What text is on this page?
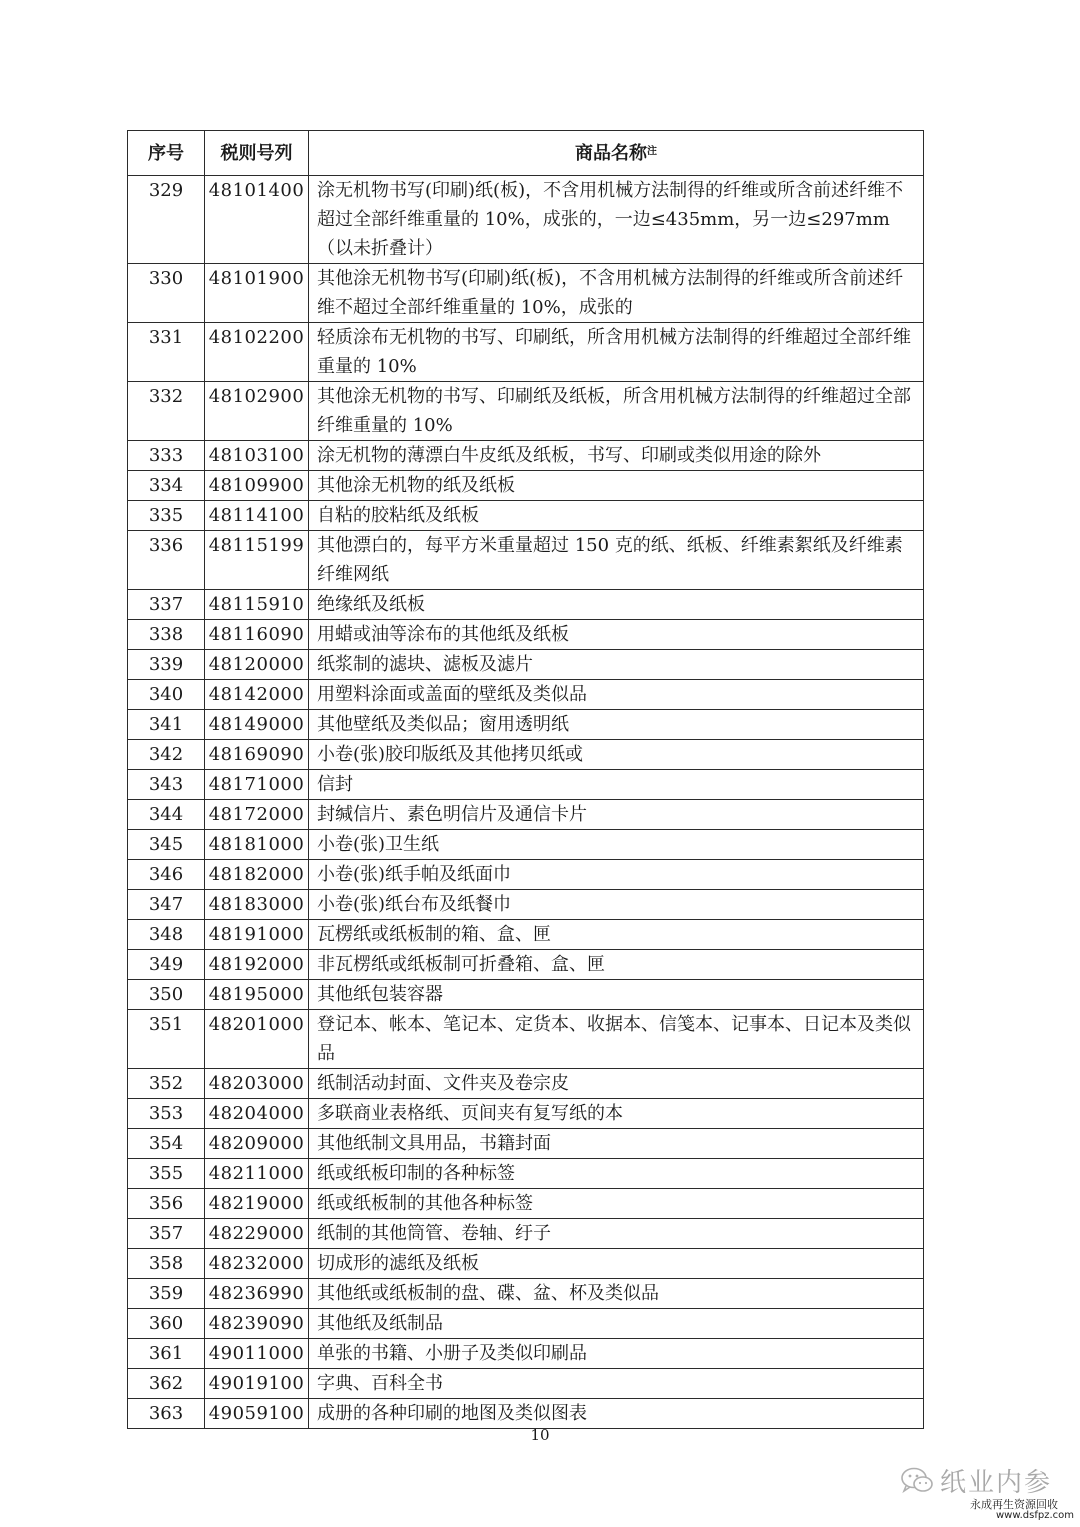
序号	税则号列	商品名称$^注$
329	48101400	涂无机物书写(印刷)纸(板)，不含用机械方法制得的纤维或所含前述纤维不超过全部纤维重量的 10%，成张的，一边≤435mm，另一边≤297mm（以未折叠计）
330	48101900	其他涂无机物书写(印刷)纸(板)，不含用机械方法制得的纤维或所含前述纤维不超过全部纤维重量的 10%，成张的
331	48102200	轻质涂布无机物的书写、印刷纸，所含用机械方法制得的纤维超过全部纤维重量的 10%
332	48102900	其他涂无机物的书写、印刷纸及纸板，所含用机械方法制得的纤维超过全部纤维重量的 10%
333	48103100	涂无机物的薄漂白牛皮纸及纸板，书写、印刷或类似用途的除外
334	48109900	其他涂无机物的纸及纸板
335	48114100	自粘的胶粘纸及纸板
336	48115199	其他漂白的，每平方米重量超过 150 克的纸、纸板、纤维素絮纸及纤维素纤维网纸
337	48115910	绝缘纸及纸板
338	48116090	用蜡或油等涂布的其他纸及纸板
339	48120000	纸浆制的滤块、滤板及滤片
340	48142000	用塑料涂面或盖面的壁纸及类似品
341	48149000	其他壁纸及类似品；窗用透明纸
342	48169090	小卷(张)胶印版纸及其他拷贝纸或
343	48171000	信封
344	48172000	封缄信片、素色明信片及通信卡片
345	48181000	小卷(张)卫生纸
346	48182000	小卷(张)纸手帕及纸面巾
347	48183000	小卷(张)纸台布及纸餐巾
348	48191000	瓦楞纸或纸板制的箱、盒、匣
349	48192000	非瓦楞纸或纸板制可折叠箱、盒、匣
350	48195000	其他纸包装容器
351	48201000	登记本、帐本、笔记本、定货本、收据本、信笺本、记事本、日记本及类似品
352	48203000	纸制活动封面、文件夹及卷宗皮
353	48204000	多联商业表格纸、页间夹有复写纸的本
354	48209000	其他纸制文具用品，书籍封面
355	48211000	纸或纸板印制的各种标签
356	48219000	纸或纸板制的其他各种标签
357	48229000	纸制的其他筒管、卷轴、纡子
358	48232000	切成形的滤纸及纸板
359	48236990	其他纸或纸板制的盘、碟、盆、杯及类似品
360	48239090	其他纸及纸制品
361	49011000	单张的书籍、小册子及类似印刷品
362	49019100	字典、百科全书
363	49059100	成册的各种印刷的地图及类似图表
10
纸业内参
永成再生资源回收
www.dsfpz.com
